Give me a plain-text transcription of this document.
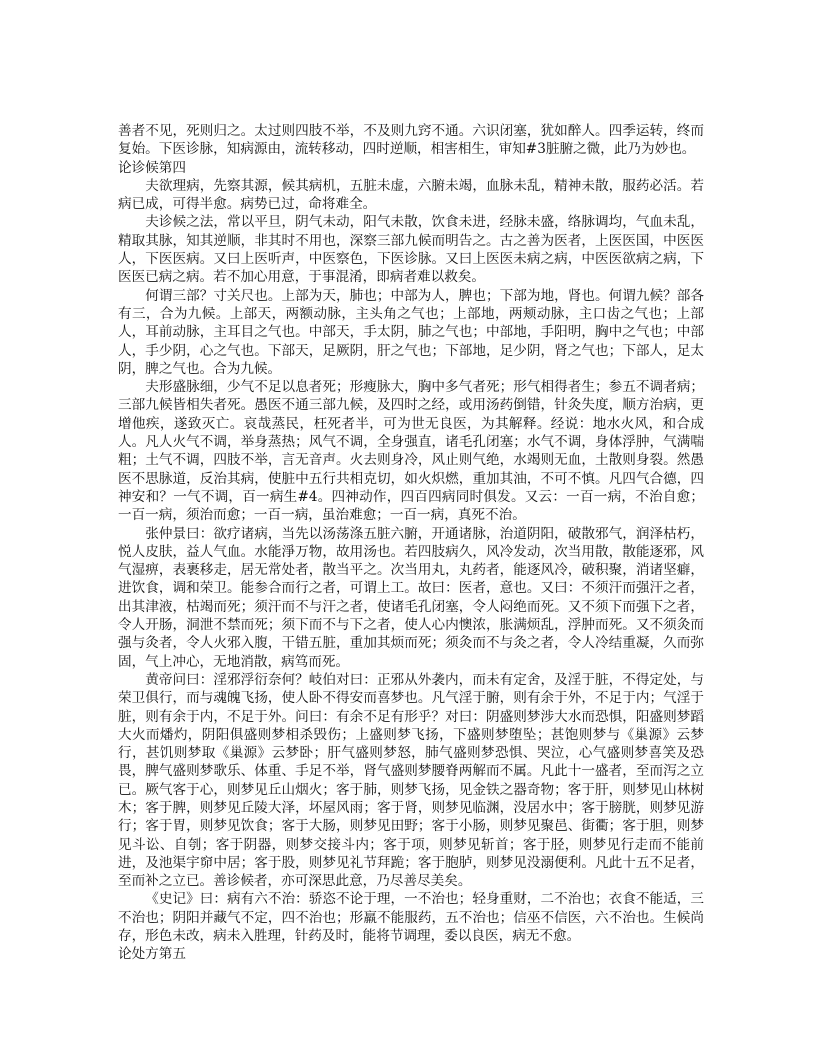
善者不见，死则归之。太过则四肢不举，不及则九窍不通。六识闭塞，犹如醉人。四季运转，终而复始。下医诊脉，知病源由，流转移动，四时逆顺，相害相生，审知#3脏腑之微，此乃为妙也。

论诊候第四

夫欲理病，先察其源，候其病机，五脏未虚，六腑未竭，血脉未乱，精神未散，服药必活。若病已成，可得半愈。病势已过，命将难全。

夫诊候之法，常以平旦，阴气未动，阳气未散，饮食未进，经脉未盛，络脉调均，气血未乱，精取其脉，知其逆顺，非其时不用也，深察三部九候而明告之。古之善为医者，上医医国，中医医人，下医医病。又曰上医听声，中医察色，下医诊脉。又曰上医医未病之病，中医医欲病之病，下医医已病之病。若不加心用意，于事混淆，即病者难以救矣。

何谓三部？寸关尺也。上部为天，肺也；中部为人，脾也；下部为地，肾也。何谓九候？部各有三，合为九候。上部天，两额动脉，主头角之气也；上部地，两颊动脉，主口齿之气也；上部人，耳前动脉，主耳目之气也。中部天，手太阴，肺之气也；中部地，手阳明，胸中之气也；中部人，手少阴，心之气也。下部天，足厥阴，肝之气也；下部地，足少阴，肾之气也；下部人，足太阴，脾之气也。合为九候。

夫形盛脉细，少气不足以息者死；形瘦脉大，胸中多气者死；形气相得者生；参五不调者病；三部九候皆相失者死。愚医不通三部九候，及四时之经，或用汤药倒错，针灸失度，顺方治病，更增他疾，遂致灭亡。哀哉蒸民，枉死者半，可为世无良医，为其解释。经说：地水火风，和合成人。凡人火气不调，举身蒸热；风气不调，全身强直，诸毛孔闭塞；水气不调，身体浮肿，气满喘粗；土气不调，四肢不举，言无音声。火去则身冷，风止则气绝，水竭则无血，土散则身裂。然愚医不思脉道，反治其病，使脏中五行共相克切，如火炽燃，重加其油，不可不慎。凡四气合德，四神安和？一气不调，百一病生#4。四神动作，四百四病同时俱发。又云：一百一病，不治自愈；一百一病，须治而愈；一百一病，虽治难愈；一百一病，真死不治。

张仲景曰：欲疗诸病，当先以汤荡涤五脏六腑，开通诸脉，治道阴阳，破散邪气，润泽枯朽，悦人皮肤，益人气血。水能淨万物，故用汤也。若四肢病久，风冷发动，次当用散，散能逐邪，风气湿痹，表裹移走，居无常处者，散当平之。次当用丸，丸药者，能逐风冷，破积聚，消诸坚癖，进饮食，调和荣卫。能参合而行之者，可谓上工。故曰：医者，意也。又曰：不须汗而强汗之者，出其津液，枯竭而死；须汗而不与汗之者，使诸毛孔闭塞，令人闷绝而死。又不须下而强下之者，令人开肠，洞泄不禁而死；须下而不与下之者，使人心内懊浓，胀满烦乱，浮肿而死。又不须灸而强与灸者，令人火邪入腹，干错五脏，重加其烦而死；须灸而不与灸之者，令人冷结重凝，久而弥固，气上冲心，无地消散，病笃而死。

黄帝问曰：淫邪浮衍奈何？岐伯对曰：正邪从外袭内，而未有定舍，及淫于脏，不得定处，与荣卫俱行，而与魂魄飞扬，使人卧不得安而喜梦也。凡气淫于腑，则有余于外，不足于内；气淫于脏，则有余于内，不足于外。问曰：有余不足有形乎？对曰：阴盛则梦涉大水而恐惧，阳盛则梦蹈大火而燔灼，阴阳俱盛则梦相杀毁伤；上盛则梦飞扬，下盛则梦堕坠；甚饱则梦与《巢源》云梦行，甚饥则梦取《巢源》云梦卧；肝气盛则梦怒，肺气盛则梦恐惧、哭泣，心气盛则梦喜笑及恐畏，脾气盛则梦歌乐、体重、手足不举，肾气盛则梦腰脊两解而不属。凡此十一盛者，至而泻之立已。厥气客于心，则梦见丘山烟火；客于肺，则梦飞扬，见金铁之器奇物；客于肝，则梦见山林树木；客于脾，则梦见丘陵大泽，坏屋风雨；客于肾，则梦见临渊，没居水中；客于膀胱，则梦见游行；客于胃，则梦见饮食；客于大肠，则梦见田野；客于小肠，则梦见聚邑、街衢；客于胆，则梦见斗讼、自刳；客于阴器，则梦交接斗内；客于项，则梦见斩首；客于胫，则梦见行走而不能前进，及池渠宇窌中居；客于股，则梦见礼节拜跪；客于胞胪，则梦见没溺便利。凡此十五不足者，至而补之立已。善诊候者，亦可深思此意，乃尽善尽美矣。

《史记》曰：病有六不治：骄恣不论于理，一不治也；轻身重财，二不治也；衣食不能适，三不治也；阴阳并藏气不定，四不治也；形羸不能服药，五不治也；信巫不信医，六不治也。生候尚存，形色未改，病未入胜理，针药及时，能将节调理，委以良医，病无不愈。

论处方第五
